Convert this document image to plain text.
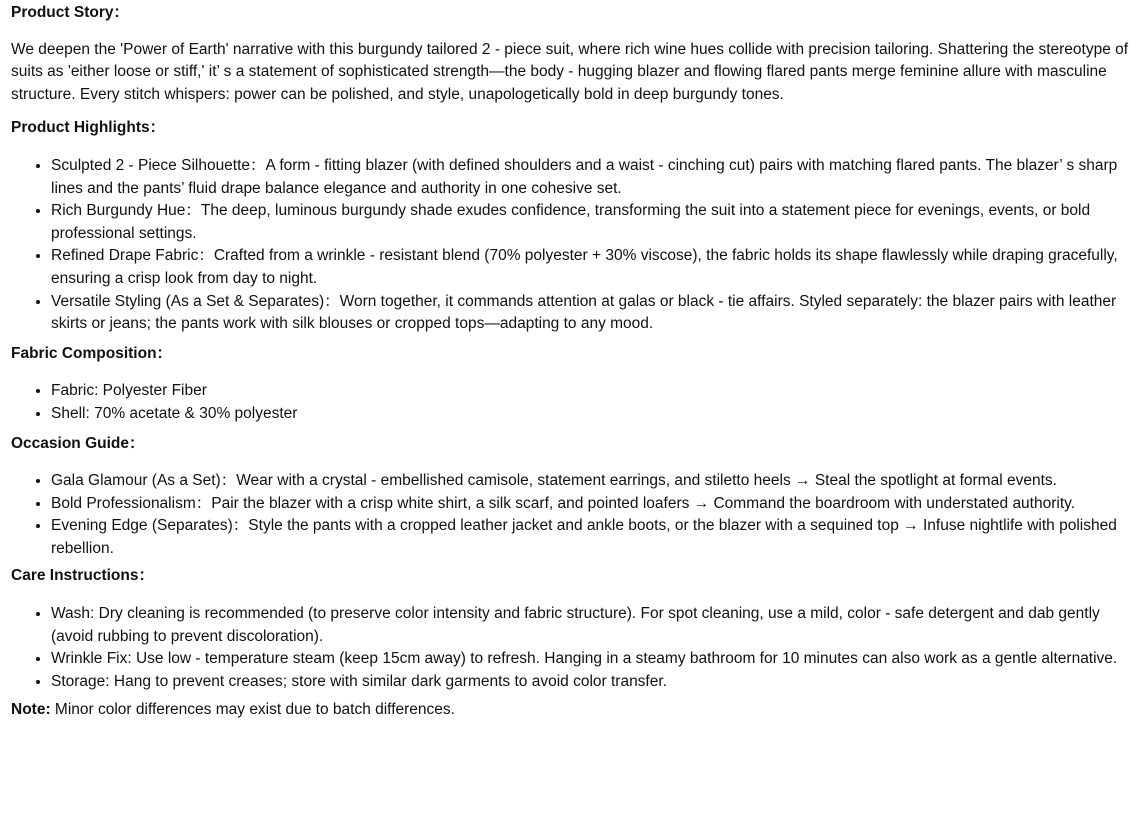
Product Story：

We deepen the 'Power of Earth' narrative with this burgundy tailored 2 - piece suit, where rich wine hues collide with precision tailoring. Shattering the stereotype of suits as 'either loose or stiff,' it’ s a statement of sophisticated strength—the body - hugging blazer and flowing flared pants merge feminine allure with masculine structure. Every stitch whispers: power can be polished, and style, unapologetically bold in deep burgundy tones.

Product Highlights：
• Sculpted 2 - Piece Silhouette：A form - fitting blazer (with defined shoulders and a waist - cinching cut) pairs with matching flared pants. The blazer’ s sharp lines and the pants’ fluid drape balance elegance and authority in one cohesive set.
• Rich Burgundy Hue：The deep, luminous burgundy shade exudes confidence, transforming the suit into a statement piece for evenings, events, or bold professional settings.
• Refined Drape Fabric：Crafted from a wrinkle - resistant blend (70% polyester + 30% viscose), the fabric holds its shape flawlessly while draping gracefully, ensuring a crisp look from day to night.
• Versatile Styling (As a Set & Separates)：Worn together, it commands attention at galas or black - tie affairs. Styled separately: the blazer pairs with leather skirts or jeans; the pants work with silk blouses or cropped tops—adapting to any mood.
Fabric Composition：
• Fabric: Polyester Fiber
• Shell: 70% acetate & 30% polyester
Occasion Guide：
• Gala Glamour (As a Set)：Wear with a crystal - embellished camisole, statement earrings, and stiletto heels → Steal the spotlight at formal events.
• Bold Professionalism：Pair the blazer with a crisp white shirt, a silk scarf, and pointed loafers → Command the boardroom with understated authority.
• Evening Edge (Separates)：Style the pants with a cropped leather jacket and ankle boots, or the blazer with a sequined top → Infuse nightlife with polished rebellion.
Care Instructions：
• Wash: Dry cleaning is recommended (to preserve color intensity and fabric structure). For spot cleaning, use a mild, color - safe detergent and dab gently (avoid rubbing to prevent discoloration).
• Wrinkle Fix: Use low - temperature steam (keep 15cm away) to refresh. Hanging in a steamy bathroom for 10 minutes can also work as a gentle alternative.
• Storage: Hang to prevent creases; store with similar dark garments to avoid color transfer.
Note: Minor color differences may exist due to batch differences.
